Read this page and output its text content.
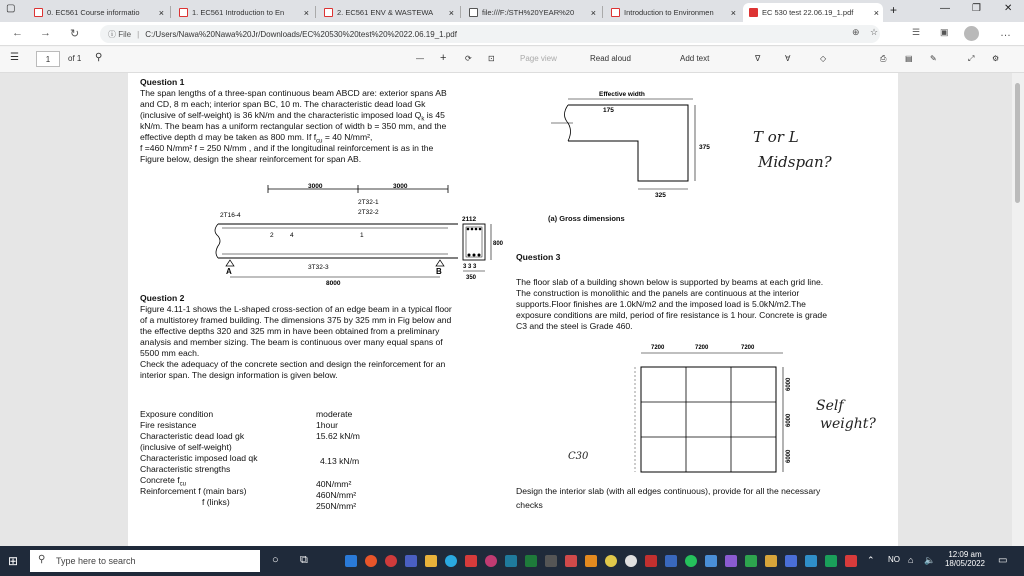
▢	0. EC561 Course informatio	×	1. EC561 Introduction to En	×	2. EC561 ENV & WASTEWA	×	file:///F:/STH%20YEAR%20	×	Introduction to Environmen	×	EC 530 test 22.06.19_1.pdf	× +	— ❐ ✕
← → ↻	ⓘ File | C:/Users/Nawa%20Nawa%20Jr/Downloads/EC%20530%20test%20%2022.06.19_1.pdf	⊕ ☆	☰ ▣	…
☰	1	of 1 ⚲	— + ⟳ ⊡	Page view	Read aloud	Add text	∇	∀	◇	⎙ ▤ ✎	⤢ ⚙
Question 1
The span lengths of a three-span continuous beam ABCD are: exterior spans AB
and CD, 8 m each; interior span BC, 10 m. The characteristic dead load Gk
(inclusive of self-weight) is 36 kN/m and the characteristic imposed load $Q_k$ is 45
kN/m. The beam has a uniform rectangular section of width b = 350 mm, and the
effective depth d may be taken as 800 mm. If $f_{cu} = 40$ N/mm²,
f =460 N/mm² f = 250 N/mm , and if the longitudinal reinforcement is as in the
Figure below, design the shear reinforcement for span AB.
3000	3000
2T32-1
2T32-2
2T16-4
2	4	1
A	B
3T32-3
8000
2112
800
3 3 3
350
Question 2
Figure 4.11-1 shows the L-shaped cross-section of an edge beam in a typical floor
of a multistorey framed building. The dimensions 375 by 325 mm in Fig below and
the effective depths 320 and 325 mm in have been obtained from a preliminary
analysis and member sizing. The beam is continuous over many equal spans of
5500 mm each.
Check the adequacy of the concrete section and design the reinforcement for an
interior span. The design information is given below.
Exposure condition	moderate
Fire resistance	1hour
Characteristic dead load gk	15.62 kN/m
(inclusive of self-weight)
Characteristic imposed load qk	4.13 kN/m
Characteristic strengths
Concrete $f_{cu}$	40N/mm²
Reinforcement f (main bars)	460N/mm²
f (links)	250N/mm²
Effective width
175
375
325
(a) Gross dimensions
T or L
Midspan?
Question 3
The floor slab of a building shown below is supported by beams at each grid line.
The construction is monolithic and the panels are continuous at the interior
supports.Floor finishes are 1.0kN/m2 and the imposed load is 5.0kN/m2.The
exposure conditions are mild, period of fire resistance is 1 hour. Concrete is grade
C3 and the steel is Grade 460.
7200	7200	7200
6000
6000
6000
Self
weight?
C30
Design the interior slab (with all edges continuous), provide for all the necessary
checks
⊞ ⚲ Type here to search	○ ⧉	⌃ NO ⌂ 🔈
12:09 am
18/05/2022 ▭
